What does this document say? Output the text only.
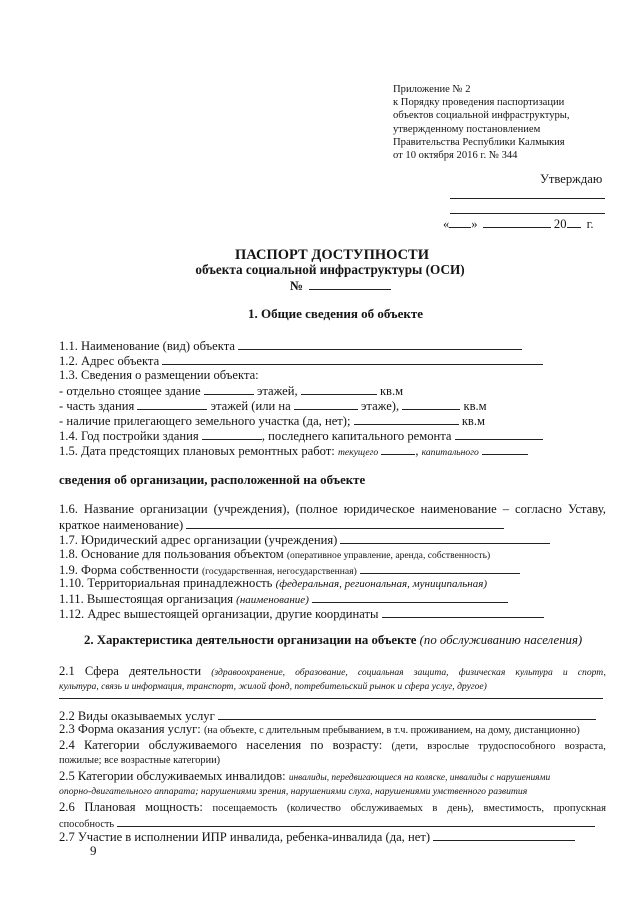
Приложение № 2
к Порядку проведения паспортизации
объектов социальной инфраструктуры,
утвержденному постановлением
Правительства Республики Калмыкия
от 10 октября 2016 г. № 344
Утверждаю
« »	20 г.
ПАСПОРТ ДОСТУПНОСТИ
объекта социальной инфраструктуры (ОСИ)
№
1. Общие сведения об объекте
1.1. Наименование (вид) объекта
1.2. Адрес объекта
1.3. Сведения о размещении объекта:
- отдельно стоящее здание	этажей,	кв.м
- часть здания	этажей (или на	этаже),	кв.м
- наличие прилегающего земельного участка (да, нет);	кв.м
1.4. Год постройки здания	, последнего капитального ремонта
1.5. Дата предстоящих плановых ремонтных работ: текущего	, капитального
сведения об организации, расположенной на объекте
1.6. Название организации (учреждения), (полное юридическое наименование – согласно Уставу,
краткое наименование)
1.7. Юридический адрес организации (учреждения)
1.8. Основание для пользования объектом (оперативное управление, аренда, собственность)
1.9. Форма собственности (государственная, негосударственная)
1.10. Территориальная принадлежность (федеральная, региональная, муниципальная)
1.11. Вышестоящая организация (наименование)
1.12. Адрес вышестоящей организации, другие координаты
2. Характеристика деятельности организации на объекте (по обслуживанию населения)
2.1 Сфера деятельности (здравоохранение, образование, социальная защита, физическая культура и спорт,
культура, связь и информация, транспорт, жилой фонд, потребительский рынок и сфера услуг, другое)
2.2 Виды оказываемых услуг
2.3 Форма оказания услуг: (на объекте, с длительным пребыванием, в т.ч. проживанием, на дому, дистанционно)
2.4 Категории обслуживаемого населения по возрасту: (дети, взрослые трудоспособного возраста,
пожилые; все возрастные категории)
2.5 Категории обслуживаемых инвалидов: инвалиды, передвигающиеся на коляске, инвалиды с нарушениями
опорно-двигательного аппарата; нарушениями зрения, нарушениями слуха, нарушениями умственного развития
2.6 Плановая мощность: посещаемость (количество обслуживаемых в день), вместимость, пропускная
способность
2.7 Участие в исполнении ИПР инвалида, ребенка-инвалида (да, нет)
9
